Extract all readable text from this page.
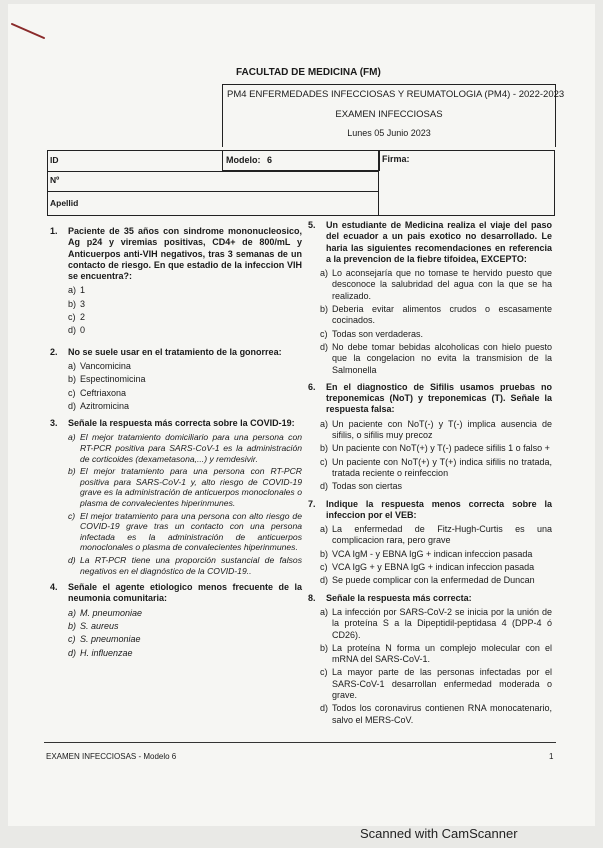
FACULTAD DE MEDICINA (FM)
PM4 ENFERMEDADES INFECCIOSAS Y REUMATOLOGIA (PM4) - 2022-2023
EXAMEN INFECCIOSAS
Lunes 05 Junio 2023
ID	Modelo: 6
Nº
Apellid
Firma:
1. Paciente de 35 años con sindrome mononucleosico, Ag p24 y viremias positivas, CD4+ de 800/mL y Anticuerpos anti-VIH negativos, tras 3 semanas de un contacto de riesgo. En que estadio de la infeccion VIH se encuentra?:
a) 1
b) 3
c) 2
d) 0
2. No se suele usar en el tratamiento de la gonorrea:
a) Vancomicina
b) Espectinomicina
c) Ceftriaxona
d) Azitromicina
3. Señale la respuesta más correcta sobre la COVID-19:
a) El mejor tratamiento domiciliario para una persona con RT-PCR positiva para SARS-CoV-1 es la administración de corticoides (dexametasona,...) y remdesivir.
b) El mejor tratamiento para una persona con RT-PCR positiva para SARS-CoV-1 y, alto riesgo de COVID-19 grave es la administración de anticuerpos monoclonales o plasma de convalecientes hiperinmunes.
c) El mejor tratamiento para una persona con alto riesgo de COVID-19 grave tras un contacto con una persona infectada es la administración de anticuerpos monoclonales o plasma de convalecientes hiperinmunes.
d) La RT-PCR tiene una proporción sustancial de falsos negativos en el diagnóstico de la COVID-19..
4. Señale el agente etiologico menos frecuente de la neumonia comunitaria:
a) M. pneumoniae
b) S. aureus
c) S. pneumoniae
d) H. influenzae
5. Un estudiante de Medicina realiza el viaje del paso del ecuador a un pais exotico no desarrollado. Le haria las siguientes recomendaciones en referencia a la prevencion de la fiebre tifoidea, EXCEPTO:
a) Lo aconsejaría que no tomase te hervido puesto que desconoce la salubridad del agua con la que se ha realizado.
b) Deberia evitar alimentos crudos o escasamente cocinados.
c) Todas son verdaderas.
d) No debe tomar bebidas alcoholicas con hielo puesto que la congelacion no evita la transmision de la Salmonella
6. En el diagnostico de Sifilis usamos pruebas no treponemicas (NoT) y treponemicas (T). Señale la respuesta falsa:
a) Un paciente con NoT(-) y T(-) implica ausencia de sifilis, o sifilis muy precoz
b) Un paciente con NoT(+) y T(-) padece sifilis 1 o falso +
c) Un paciente con NoT(+) y T(+) indica sifilis no tratada, tratada reciente o reinfeccion
d) Todas son ciertas
7. Indique la respuesta menos correcta sobre la infeccion por el VEB:
a) La enfermedad de Fitz-Hugh-Curtis es una complicacion rara, pero grave
b) VCA IgM - y EBNA IgG + indican infeccion pasada
c) VCA IgG + y EBNA IgG + indican infeccion pasada
d) Se puede complicar con la enfermedad de Duncan
8. Señale la respuesta más correcta:
a) La infección por SARS-CoV-2 se inicia por la unión de la proteína S a la Dipeptidil-peptidasa 4 (DPP-4 ó CD26).
b) La proteína N forma un complejo molecular con el mRNA del SARS-CoV-1.
c) La mayor parte de las personas infectadas por el SARS-CoV-1 desarrollan enfermedad moderada o grave.
d) Todos los coronavirus contienen RNA monocatenario, salvo el MERS-CoV.
EXAMEN INFECCIOSAS - Modelo 6	1
Scanned with CamScanner
